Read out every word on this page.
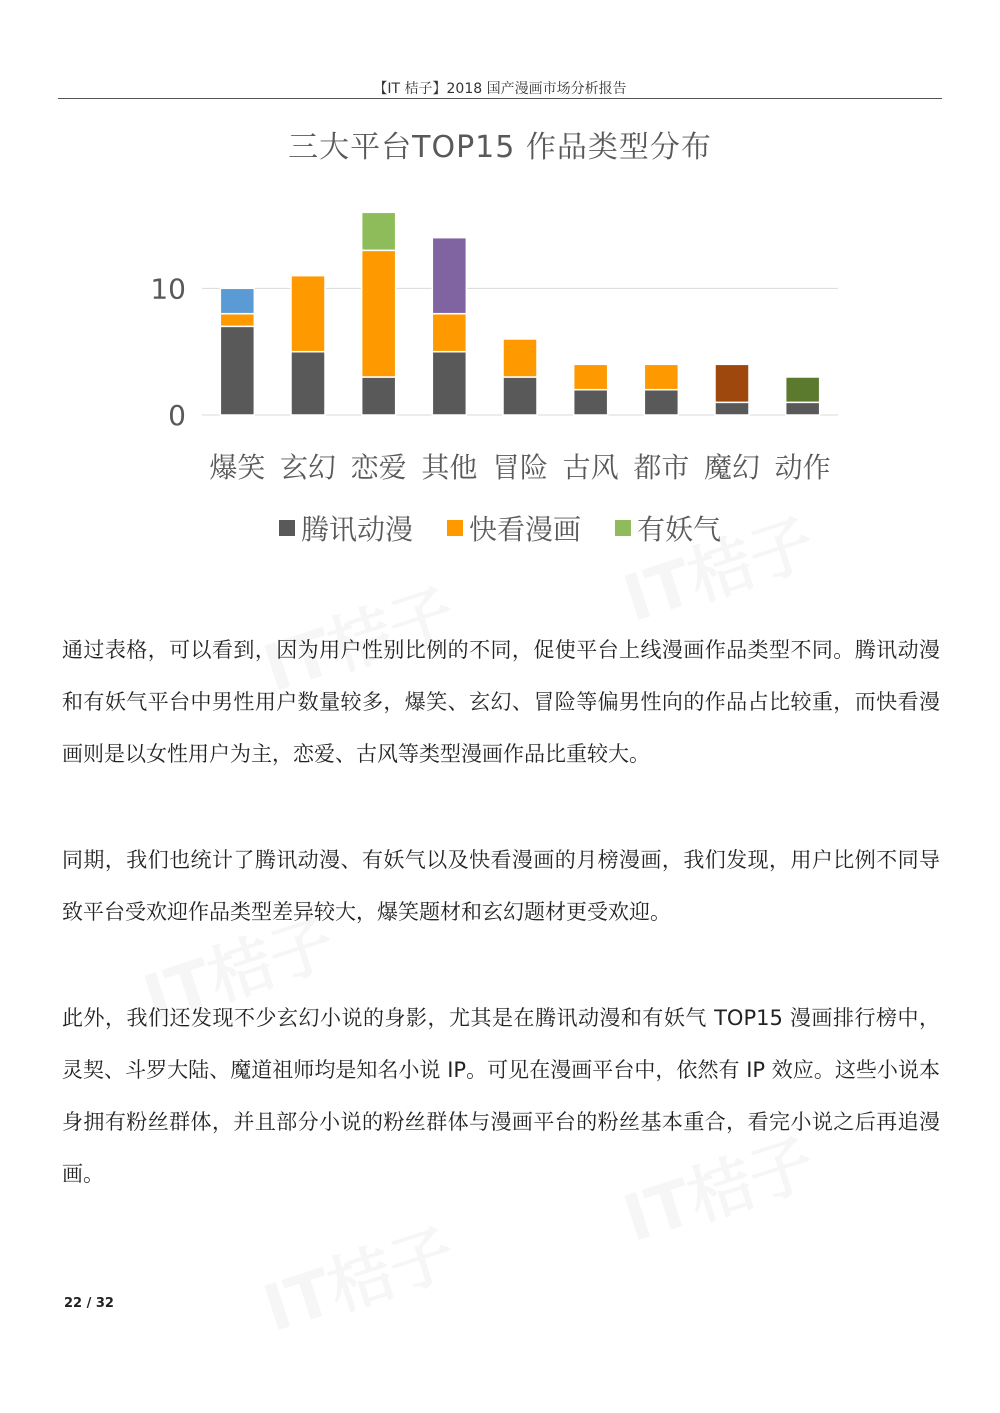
【IT 桔子】2018 国产漫画市场分析报告
三大平台TOP15 作品类型分布
0
10
爆笑 玄幻 恋爱 其他 冒险 古风 都市 魔幻 动作
腾讯动漫 快看漫画 有妖气

通过表格，可以看到，因为用户性别比例的不同，促使平台上线漫画作品类型不同。腾讯动漫和有妖气平台中男性用户数量较多，爆笑、玄幻、冒险等偏男性向的作品占比较重，而快看漫画则是以女性用户为主，恋爱、古风等类型漫画作品比重较大。

同期，我们也统计了腾讯动漫、有妖气以及快看漫画的月榜漫画，我们发现，用户比例不同导致平台受欢迎作品类型差异较大，爆笑题材和玄幻题材更受欢迎。

此外，我们还发现不少玄幻小说的身影，尤其是在腾讯动漫和有妖气 TOP15 漫画排行榜中，灵契、斗罗大陆、魔道祖师均是知名小说 IP。可见在漫画平台中，依然有 IP 效应。这些小说本身拥有粉丝群体，并且部分小说的粉丝群体与漫画平台的粉丝基本重合，看完小说之后再追漫画。

22 / 32
